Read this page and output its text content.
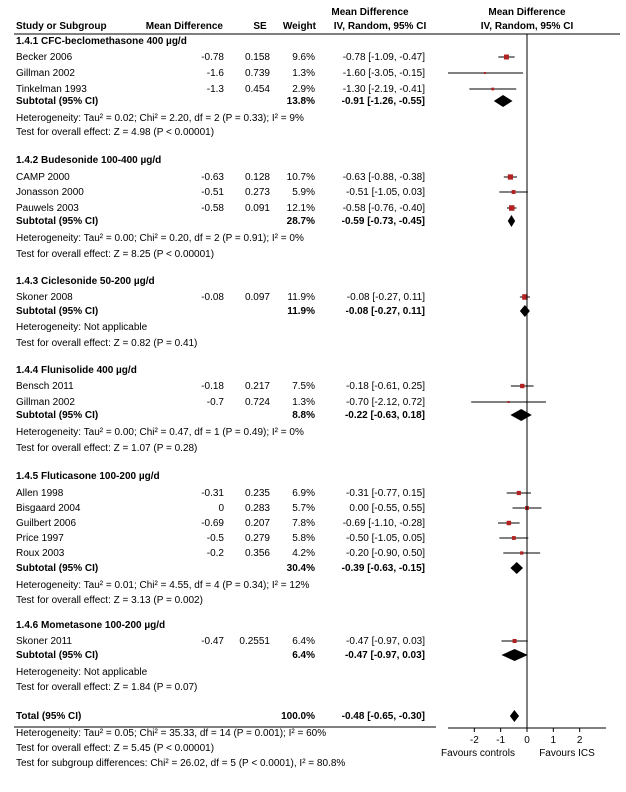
Study or Subgroup	Mean Difference	SE Weight
Mean Difference
IV, Random, 95% CI
Mean Difference
IV, Random, 95% CI
1.4.1 CFC-beclomethasone 400 µg/d
Becker 2006	-0.78 0.158 9.6%	-0.78 [-1.09, -0.47]
Gillman 2002	-1.6 0.739 1.3%	-1.60 [-3.05, -0.15]
Tinkelman 1993	-1.3 0.454 2.9%	-1.30 [-2.19, -0.41]
Subtotal (95% CI)	13.8%	-0.91 [-1.26, -0.55]
Heterogeneity: Tau² = 0.02; Chi² = 2.20, df = 2 (P = 0.33); I² = 9%
Test for overall effect: Z = 4.98 (P < 0.00001)
1.4.2 Budesonide 100-400 µg/d
CAMP 2000	-0.63 0.128 10.7%	-0.63 [-0.88, -0.38]
Jonasson 2000	-0.51 0.273 5.9%	-0.51 [-1.05, 0.03]
Pauwels 2003	-0.58 0.091 12.1%	-0.58 [-0.76, -0.40]
Subtotal (95% CI)	28.7%	-0.59 [-0.73, -0.45]
Heterogeneity: Tau² = 0.00; Chi² = 0.20, df = 2 (P = 0.91); I² = 0%
Test for overall effect: Z = 8.25 (P < 0.00001)
1.4.3 Ciclesonide 50-200 µg/d
Skoner 2008	-0.08 0.097 11.9%	-0.08 [-0.27, 0.11]
Subtotal (95% CI)	11.9%	-0.08 [-0.27, 0.11]
Heterogeneity: Not applicable
Test for overall effect: Z = 0.82 (P = 0.41)
1.4.4 Flunisolide 400 µg/d
Bensch 2011	-0.18 0.217 7.5%	-0.18 [-0.61, 0.25]
Gillman 2002	-0.7 0.724 1.3%	-0.70 [-2.12, 0.72]
Subtotal (95% CI)	8.8%	-0.22 [-0.63, 0.18]
Heterogeneity: Tau² = 0.00; Chi² = 0.47, df = 1 (P = 0.49); I² = 0%
Test for overall effect: Z = 1.07 (P = 0.28)
1.4.5 Fluticasone 100-200 µg/d
Allen 1998	-0.31 0.235 6.9%	-0.31 [-0.77, 0.15]
Bisgaard 2004	0 0.283 5.7%	0.00 [-0.55, 0.55]
Guilbert 2006	-0.69 0.207 7.8%	-0.69 [-1.10, -0.28]
Price 1997	-0.5 0.279 5.8%	-0.50 [-1.05, 0.05]
Roux 2003	-0.2 0.356 4.2%	-0.20 [-0.90, 0.50]
Subtotal (95% CI)	30.4%	-0.39 [-0.63, -0.15]
Heterogeneity: Tau² = 0.01; Chi² = 4.55, df = 4 (P = 0.34); I² = 12%
Test for overall effect: Z = 3.13 (P = 0.002)
1.4.6 Mometasone 100-200 µg/d
Skoner 2011	-0.47 0.2551 6.4%	-0.47 [-0.97, 0.03]
Subtotal (95% CI)	6.4%	-0.47 [-0.97, 0.03]
Heterogeneity: Not applicable
Test for overall effect: Z = 1.84 (P = 0.07)
Total (95% CI)	100.0%	-0.48 [-0.65, -0.30]
Heterogeneity: Tau² = 0.05; Chi² = 35.33, df = 14 (P = 0.001); I² = 60%
Test for overall effect: Z = 5.45 (P < 0.00001)
Test for subgroup differences: Chi² = 26.02, df = 5 (P < 0.0001), I² = 80.8%
-2 -1 0 1 2
Favours controls Favours ICS
